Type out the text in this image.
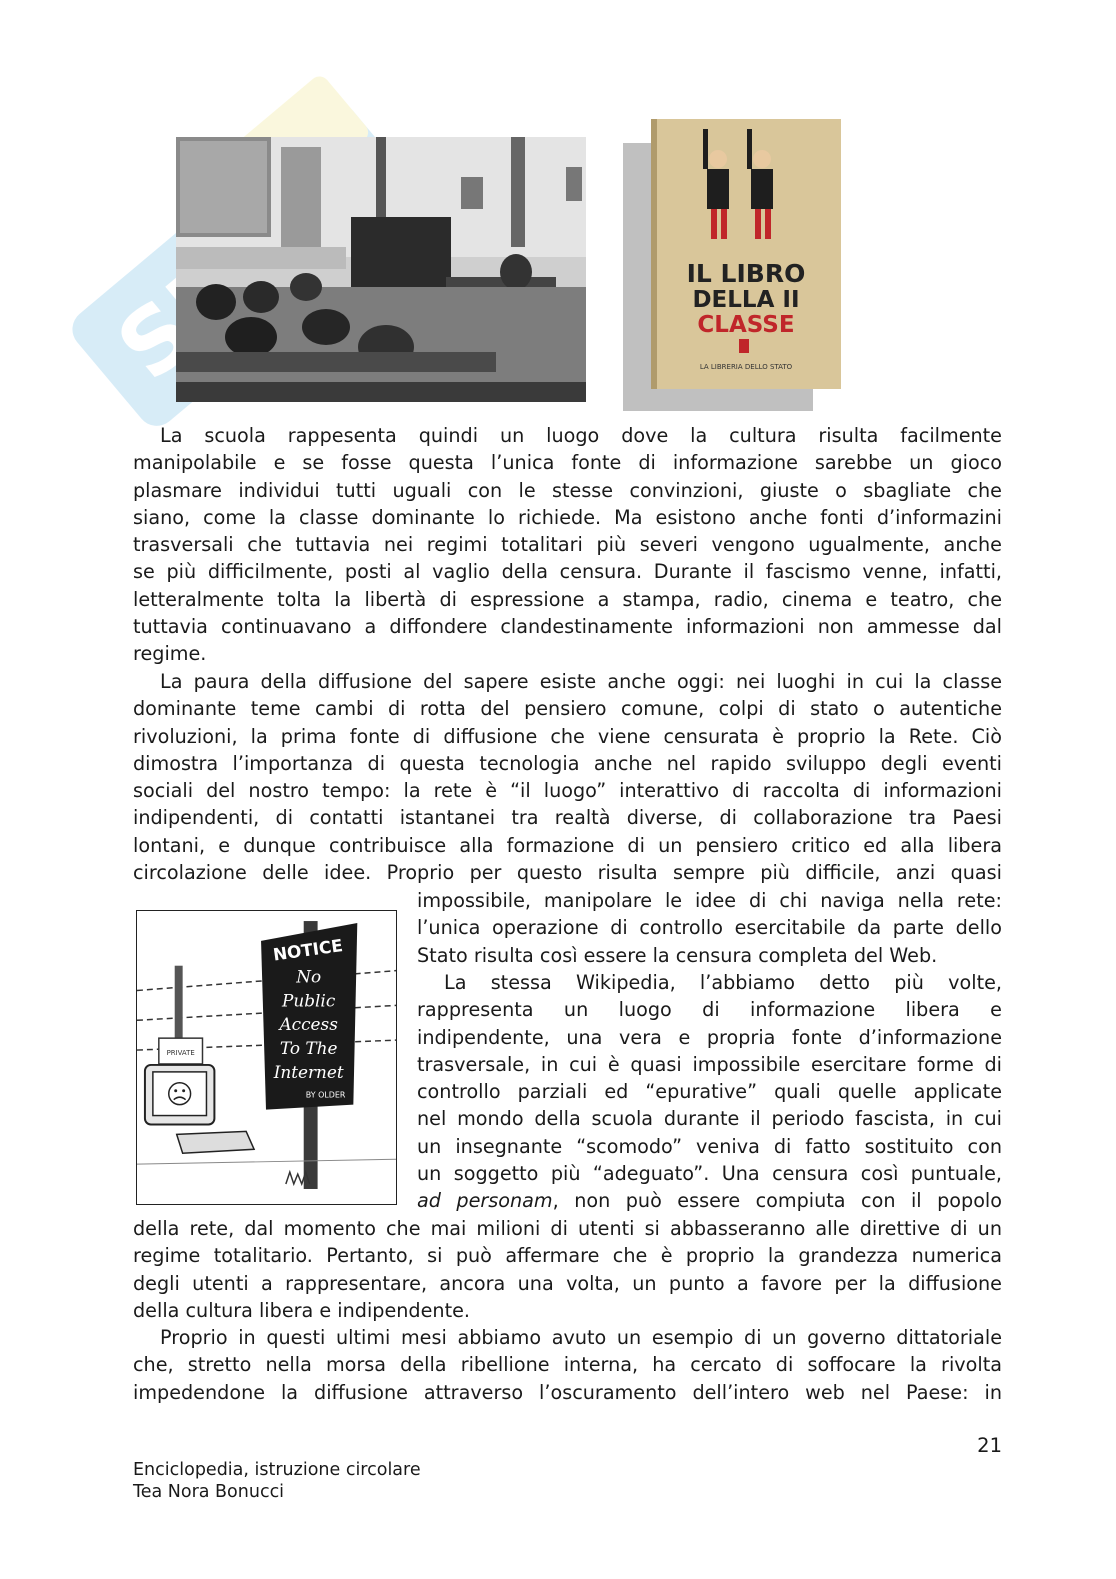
IL LIBRO
DELLA II
CLASSE
LA LIBRERIA DELLO STATO
NOTICE
No
Public
Access
To The
Internet
BY OLDER
PRIVATE
La scuola rappesenta quindi un luogo dove la cultura risulta facilmente
manipolabile e se fosse questa l’unica fonte di informazione sarebbe un gioco
plasmare individui tutti uguali con le stesse convinzioni, giuste o sbagliate che
siano, come la classe dominante lo richiede. Ma esistono anche fonti d’informazini
trasversali che tuttavia nei regimi totalitari più severi vengono ugualmente, anche
se più difficilmente, posti al vaglio della censura. Durante il fascismo venne, infatti,
letteralmente tolta la libertà di espressione a stampa, radio, cinema e teatro, che
tuttavia continuavano a diffondere clandestinamente informazioni non ammesse dal
regime.
La paura della diffusione del sapere esiste anche oggi: nei luoghi in cui la classe
dominante teme cambi di rotta del pensiero comune, colpi di stato o autentiche
rivoluzioni, la prima fonte di diffusione che viene censurata è proprio la Rete. Ciò
dimostra l’importanza di questa tecnologia anche nel rapido sviluppo degli eventi
sociali del nostro tempo: la rete è “il luogo” interattivo di raccolta di informazioni
indipendenti, di contatti istantanei tra realtà diverse, di collaborazione tra Paesi
lontani, e dunque contribuisce alla formazione di un pensiero critico ed alla libera
circolazione delle idee. Proprio per questo risulta sempre più difficile, anzi quasi
impossibile, manipolare le idee di chi naviga nella rete:
l’unica operazione di controllo esercitabile da parte dello
Stato risulta così essere la censura completa del Web.
La stessa Wikipedia, l’abbiamo detto più volte,
rappresenta un luogo di informazione libera e
indipendente, una vera e propria fonte d’informazione
trasversale, in cui è quasi impossibile esercitare forme di
controllo parziali ed “epurative” quali quelle applicate
nel mondo della scuola durante il periodo fascista, in cui
un insegnante “scomodo” veniva di fatto sostituito con
un soggetto più “adeguato”. Una censura così puntuale,
ad personam, non può essere compiuta con il popolo
della rete, dal momento che mai milioni di utenti si abbasseranno alle direttive di un
regime totalitario. Pertanto, si può affermare che è proprio la grandezza numerica
degli utenti a rappresentare, ancora una volta, un punto a favore per la diffusione
della cultura libera e indipendente.
Proprio in questi ultimi mesi abbiamo avuto un esempio di un governo dittatoriale
che, stretto nella morsa della ribellione interna, ha cercato di soffocare la rivolta
impedendone la diffusione attraverso l’oscuramento dell’intero web nel Paese: in
21
Enciclopedia, istruzione circolare
Tea Nora Bonucci
